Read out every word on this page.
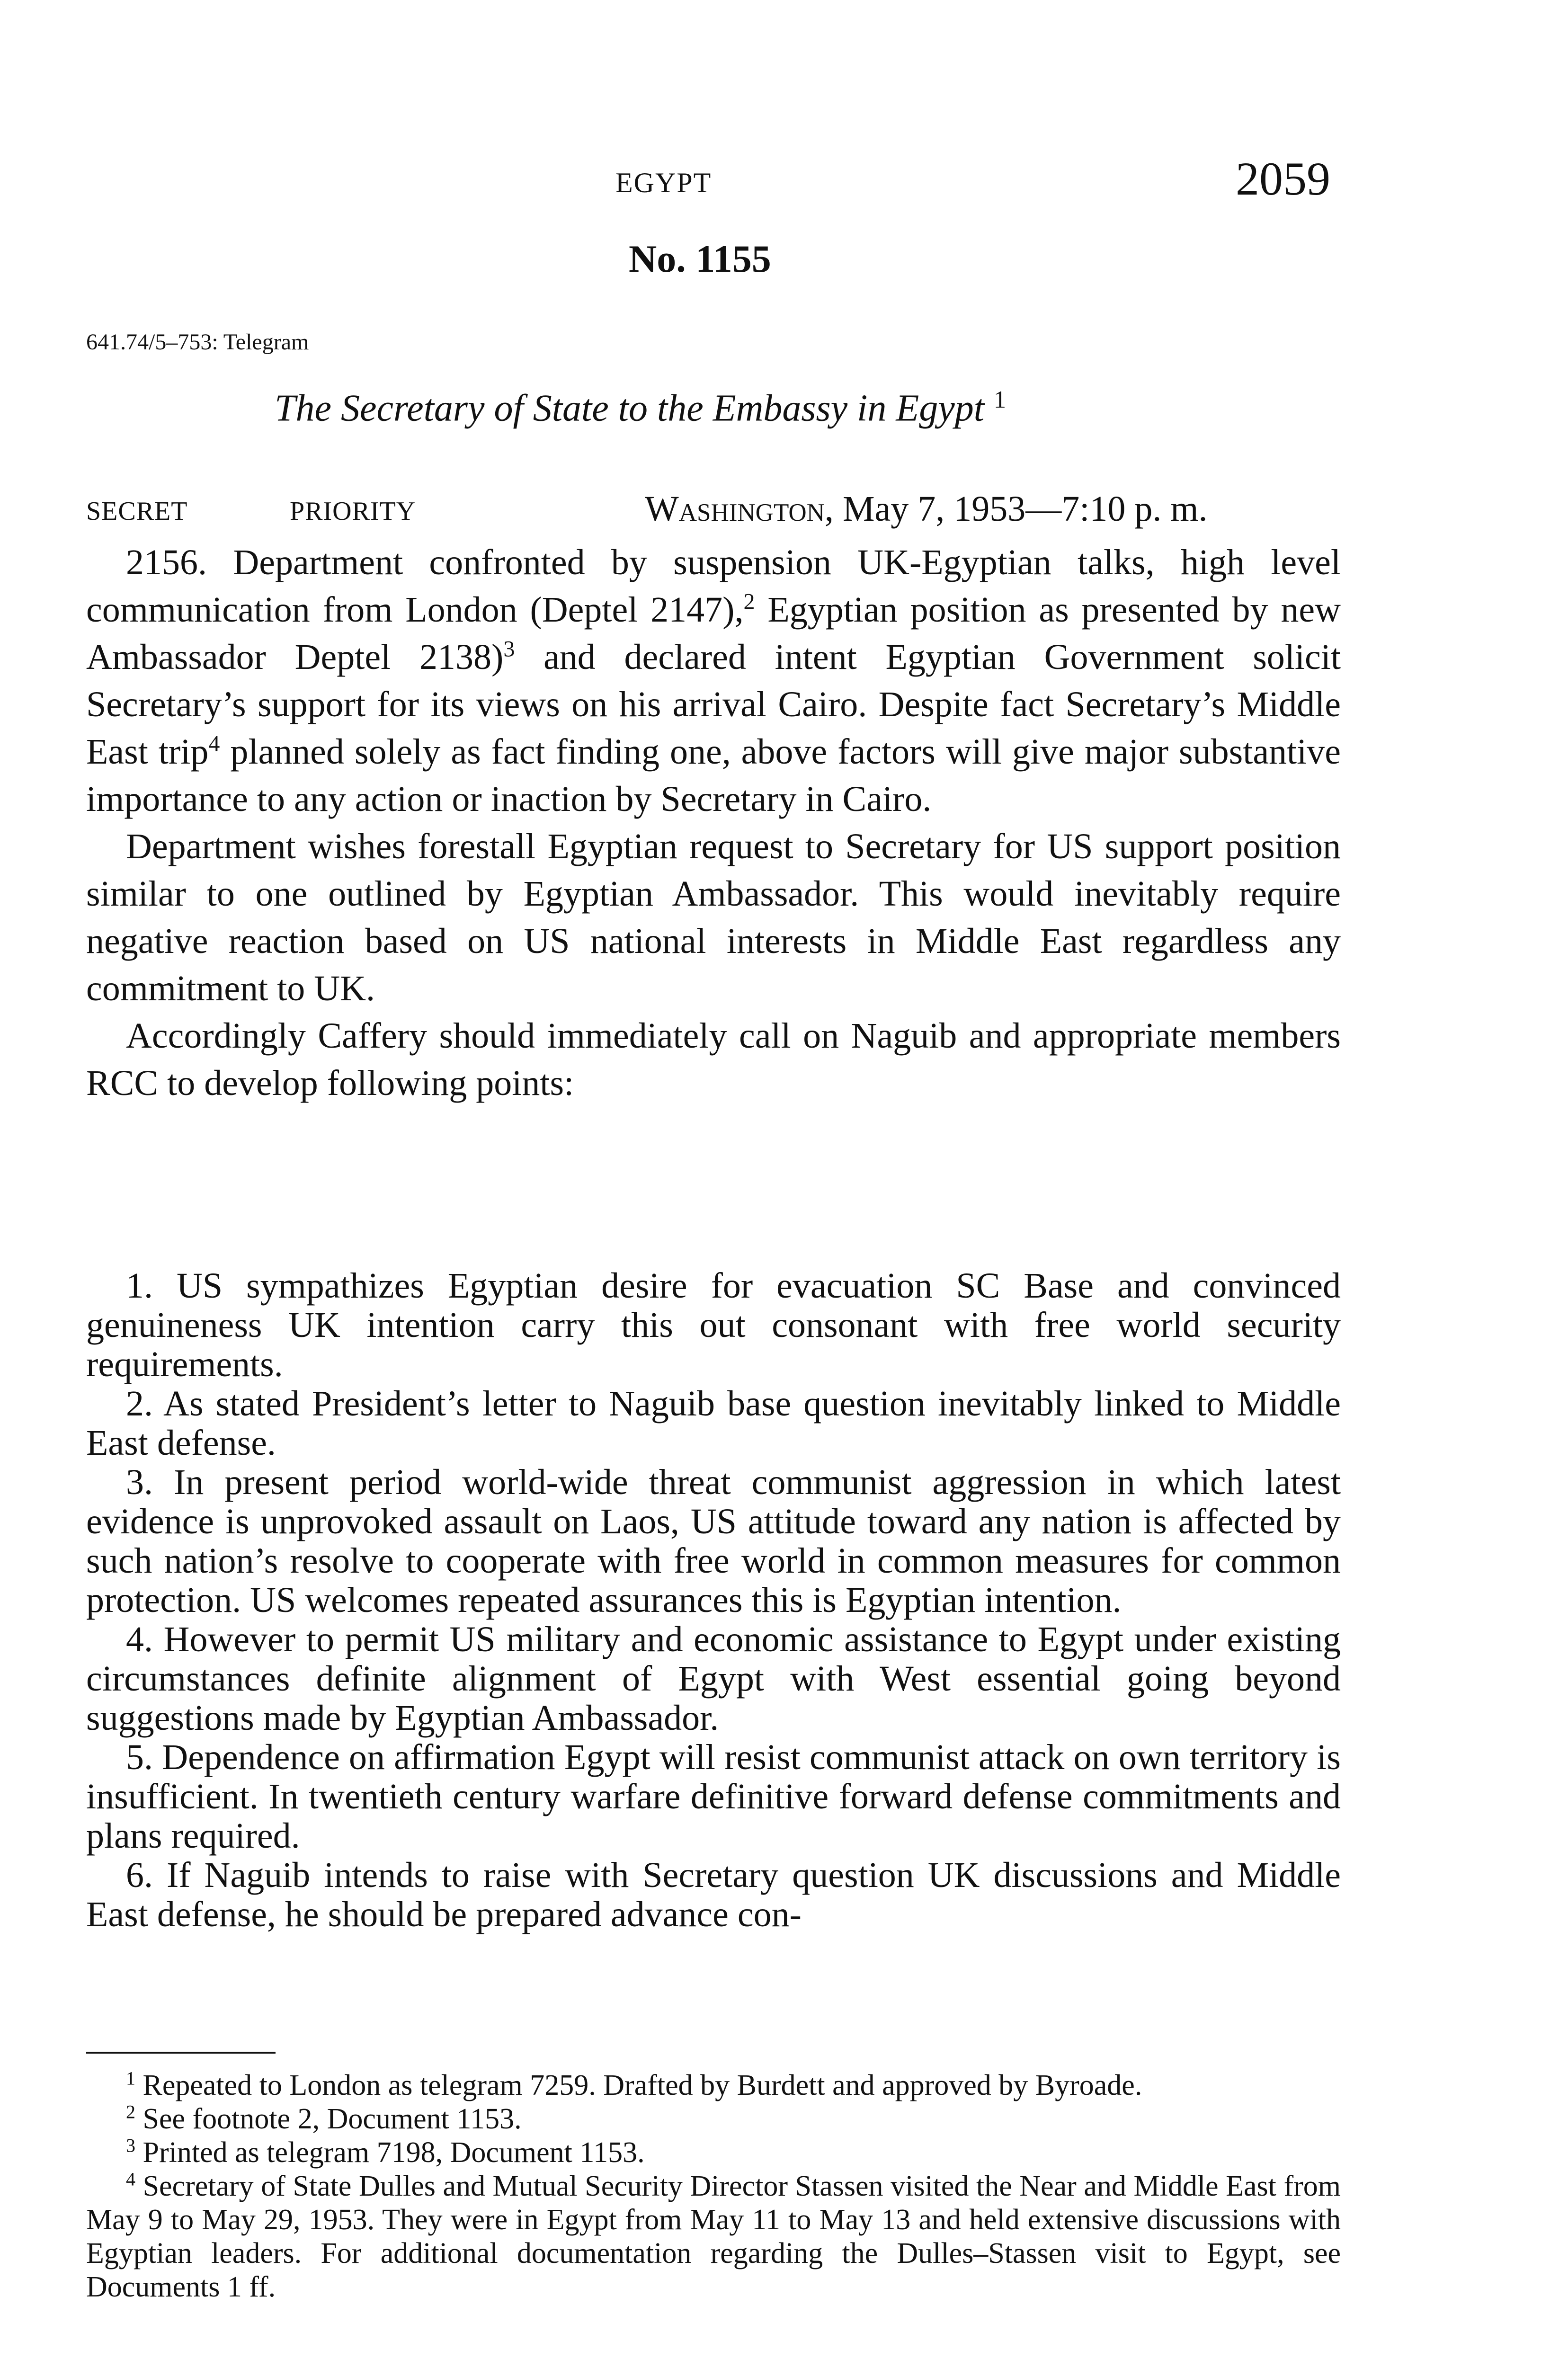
EGYPT	2059
No. 1155
641.74/5–753: Telegram
The Secretary of State to the Embassy in Egypt $^1$
SECRET	PRIORITY	Washington, May 7, 1953—7:10 p. m.

2156. Department confronted by suspension UK-Egyptian talks, high level communication from London (Deptel 2147),$^2$ Egyptian position as presented by new Ambassador Deptel 2138)$^3$ and declared intent Egyptian Government solicit Secretary’s support for its views on his arrival Cairo. Despite fact Secretary’s Middle East trip$^4$ planned solely as fact finding one, above factors will give major substantive importance to any action or inaction by Secretary in Cairo.

Department wishes forestall Egyptian request to Secretary for US support position similar to one outlined by Egyptian Ambassador. This would inevitably require negative reaction based on US national interests in Middle East regardless any commitment to UK.

Accordingly Caffery should immediately call on Naguib and appropriate members RCC to develop following points:

1. US sympathizes Egyptian desire for evacuation SC Base and convinced genuineness UK intention carry this out consonant with free world security requirements.

2. As stated President’s letter to Naguib base question inevitably linked to Middle East defense.

3. In present period world-wide threat communist aggression in which latest evidence is unprovoked assault on Laos, US attitude toward any nation is affected by such nation’s resolve to cooperate with free world in common measures for common protection. US welcomes repeated assurances this is Egyptian intention.

4. However to permit US military and economic assistance to Egypt under existing circumstances definite alignment of Egypt with West essential going beyond suggestions made by Egyptian Ambassador.

5. Dependence on affirmation Egypt will resist communist attack on own territory is insufficient. In twentieth century warfare definitive forward defense commitments and plans required.

6. If Naguib intends to raise with Secretary question UK discussions and Middle East defense, he should be prepared advance con-

$^1$ Repeated to London as telegram 7259. Drafted by Burdett and approved by Byroade.

$^2$ See footnote 2, Document 1153.

$^3$ Printed as telegram 7198, Document 1153.

$^4$ Secretary of State Dulles and Mutual Security Director Stassen visited the Near and Middle East from May 9 to May 29, 1953. They were in Egypt from May 11 to May 13 and held extensive discussions with Egyptian leaders. For additional documentation regarding the Dulles–Stassen visit to Egypt, see Documents 1 ff.
